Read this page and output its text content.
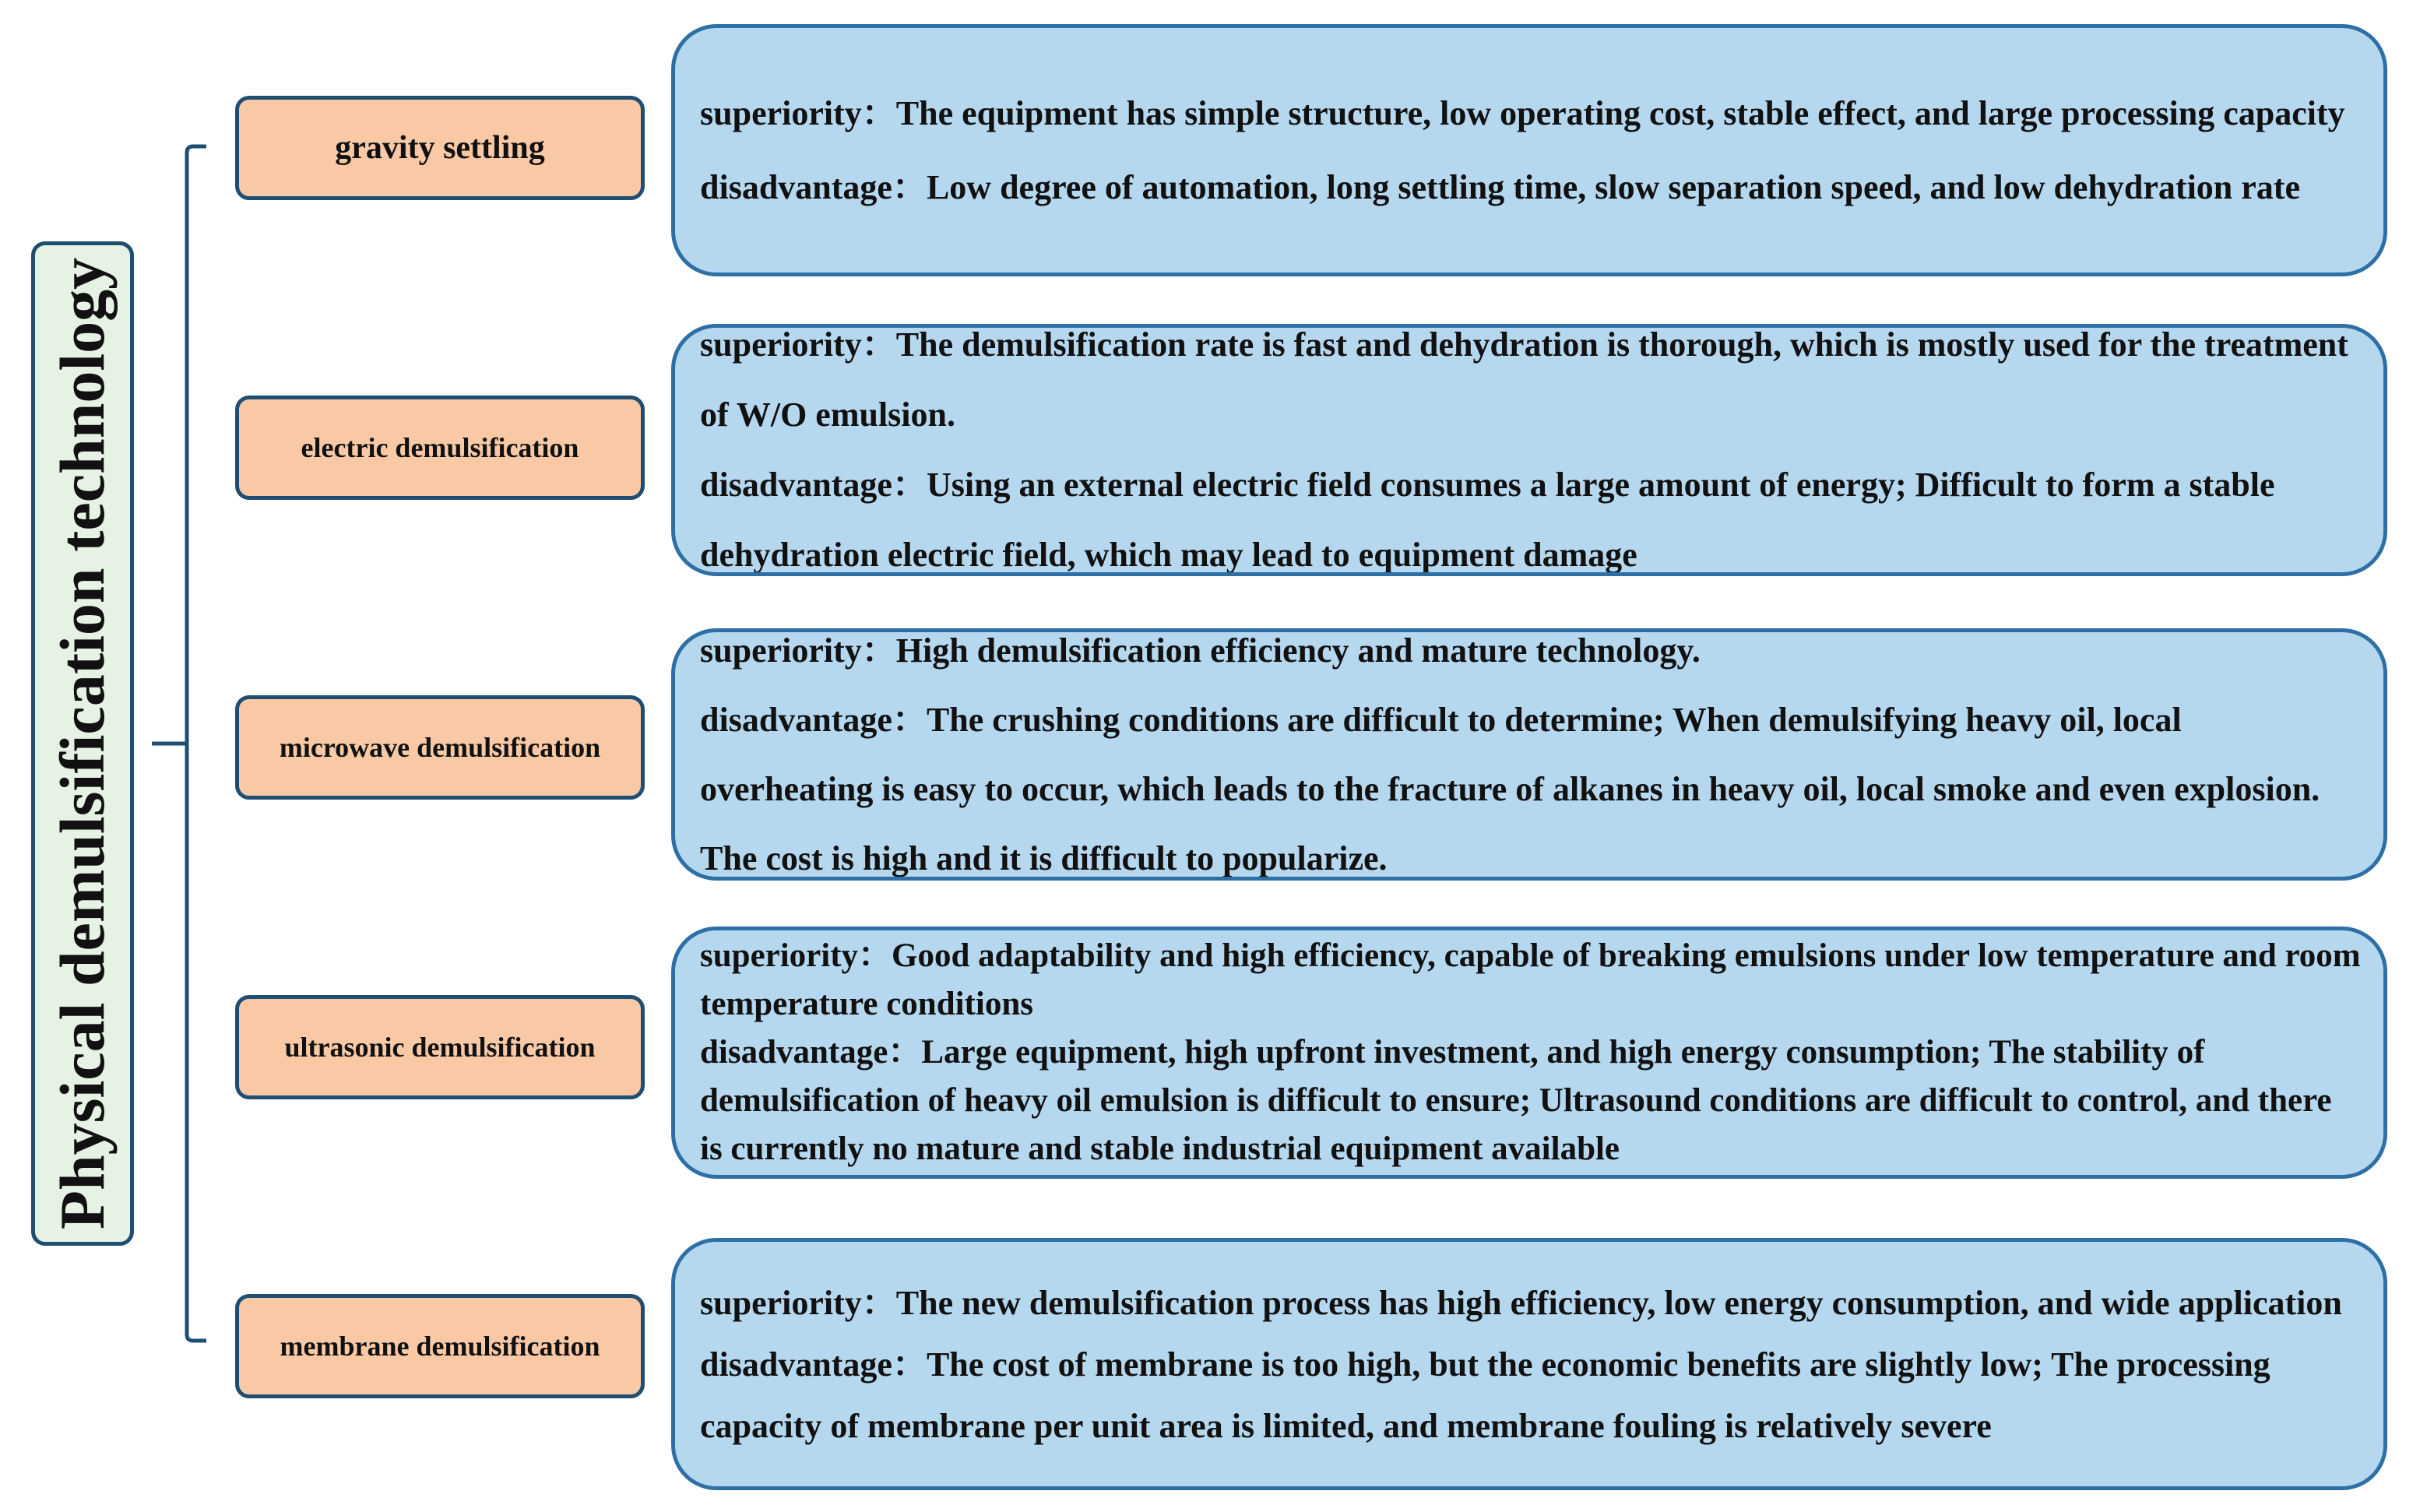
Physical demulsification technology
gravity settling

superiority：The equipment has simple structure, low operating cost, stable effect, and large processing capacity

disadvantage：Low degree of automation, long settling time, slow separation speed, and low dehydration rate

electric demulsification

superiority：The demulsification rate is fast and dehydration is thorough, which is mostly used for the treatment of W/O emulsion.

disadvantage：Using an external electric field consumes a large amount of energy; Difficult to form a stable dehydration electric field, which may lead to equipment damage

microwave demulsification

superiority：High demulsification efficiency and mature technology.

disadvantage：The crushing conditions are difficult to determine; When demulsifying heavy oil, local overheating is easy to occur, which leads to the fracture of alkanes in heavy oil, local smoke and even explosion. The cost is high and it is difficult to popularize.

ultrasonic demulsification

superiority：Good adaptability and high efficiency, capable of breaking emulsions under low temperature and room temperature conditions

disadvantage：Large equipment, high upfront investment, and high energy consumption; The stability of demulsification of heavy oil emulsion is difficult to ensure; Ultrasound conditions are difficult to control, and there is currently no mature and stable industrial equipment available

membrane demulsification

superiority：The new demulsification process has high efficiency, low energy consumption, and wide application

disadvantage：The cost of membrane is too high, but the economic benefits are slightly low; The processing capacity of membrane per unit area is limited, and membrane fouling is relatively severe
